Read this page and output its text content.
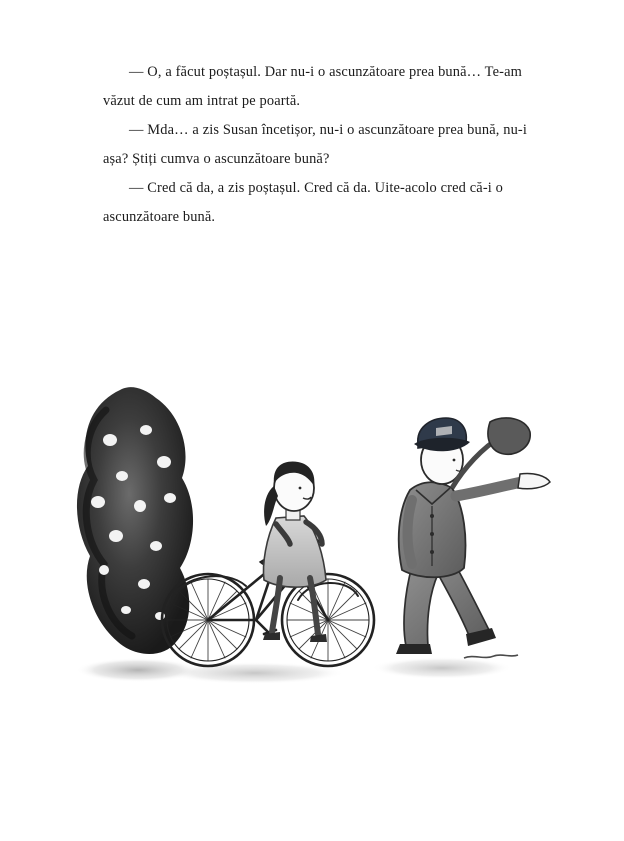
— O, a făcut poștașul. Dar nu-i o ascunzătoare prea bună… Te-am văzut de cum am intrat pe poartă.

— Mda… a zis Susan încetișor, nu-i o ascunzătoare prea bună, nu-i așa? Știți cumva o ascunzătoare bună?

— Cred că da, a zis poștașul. Cred că da. Uite-acolo cred că-i o ascunzătoare bună.
